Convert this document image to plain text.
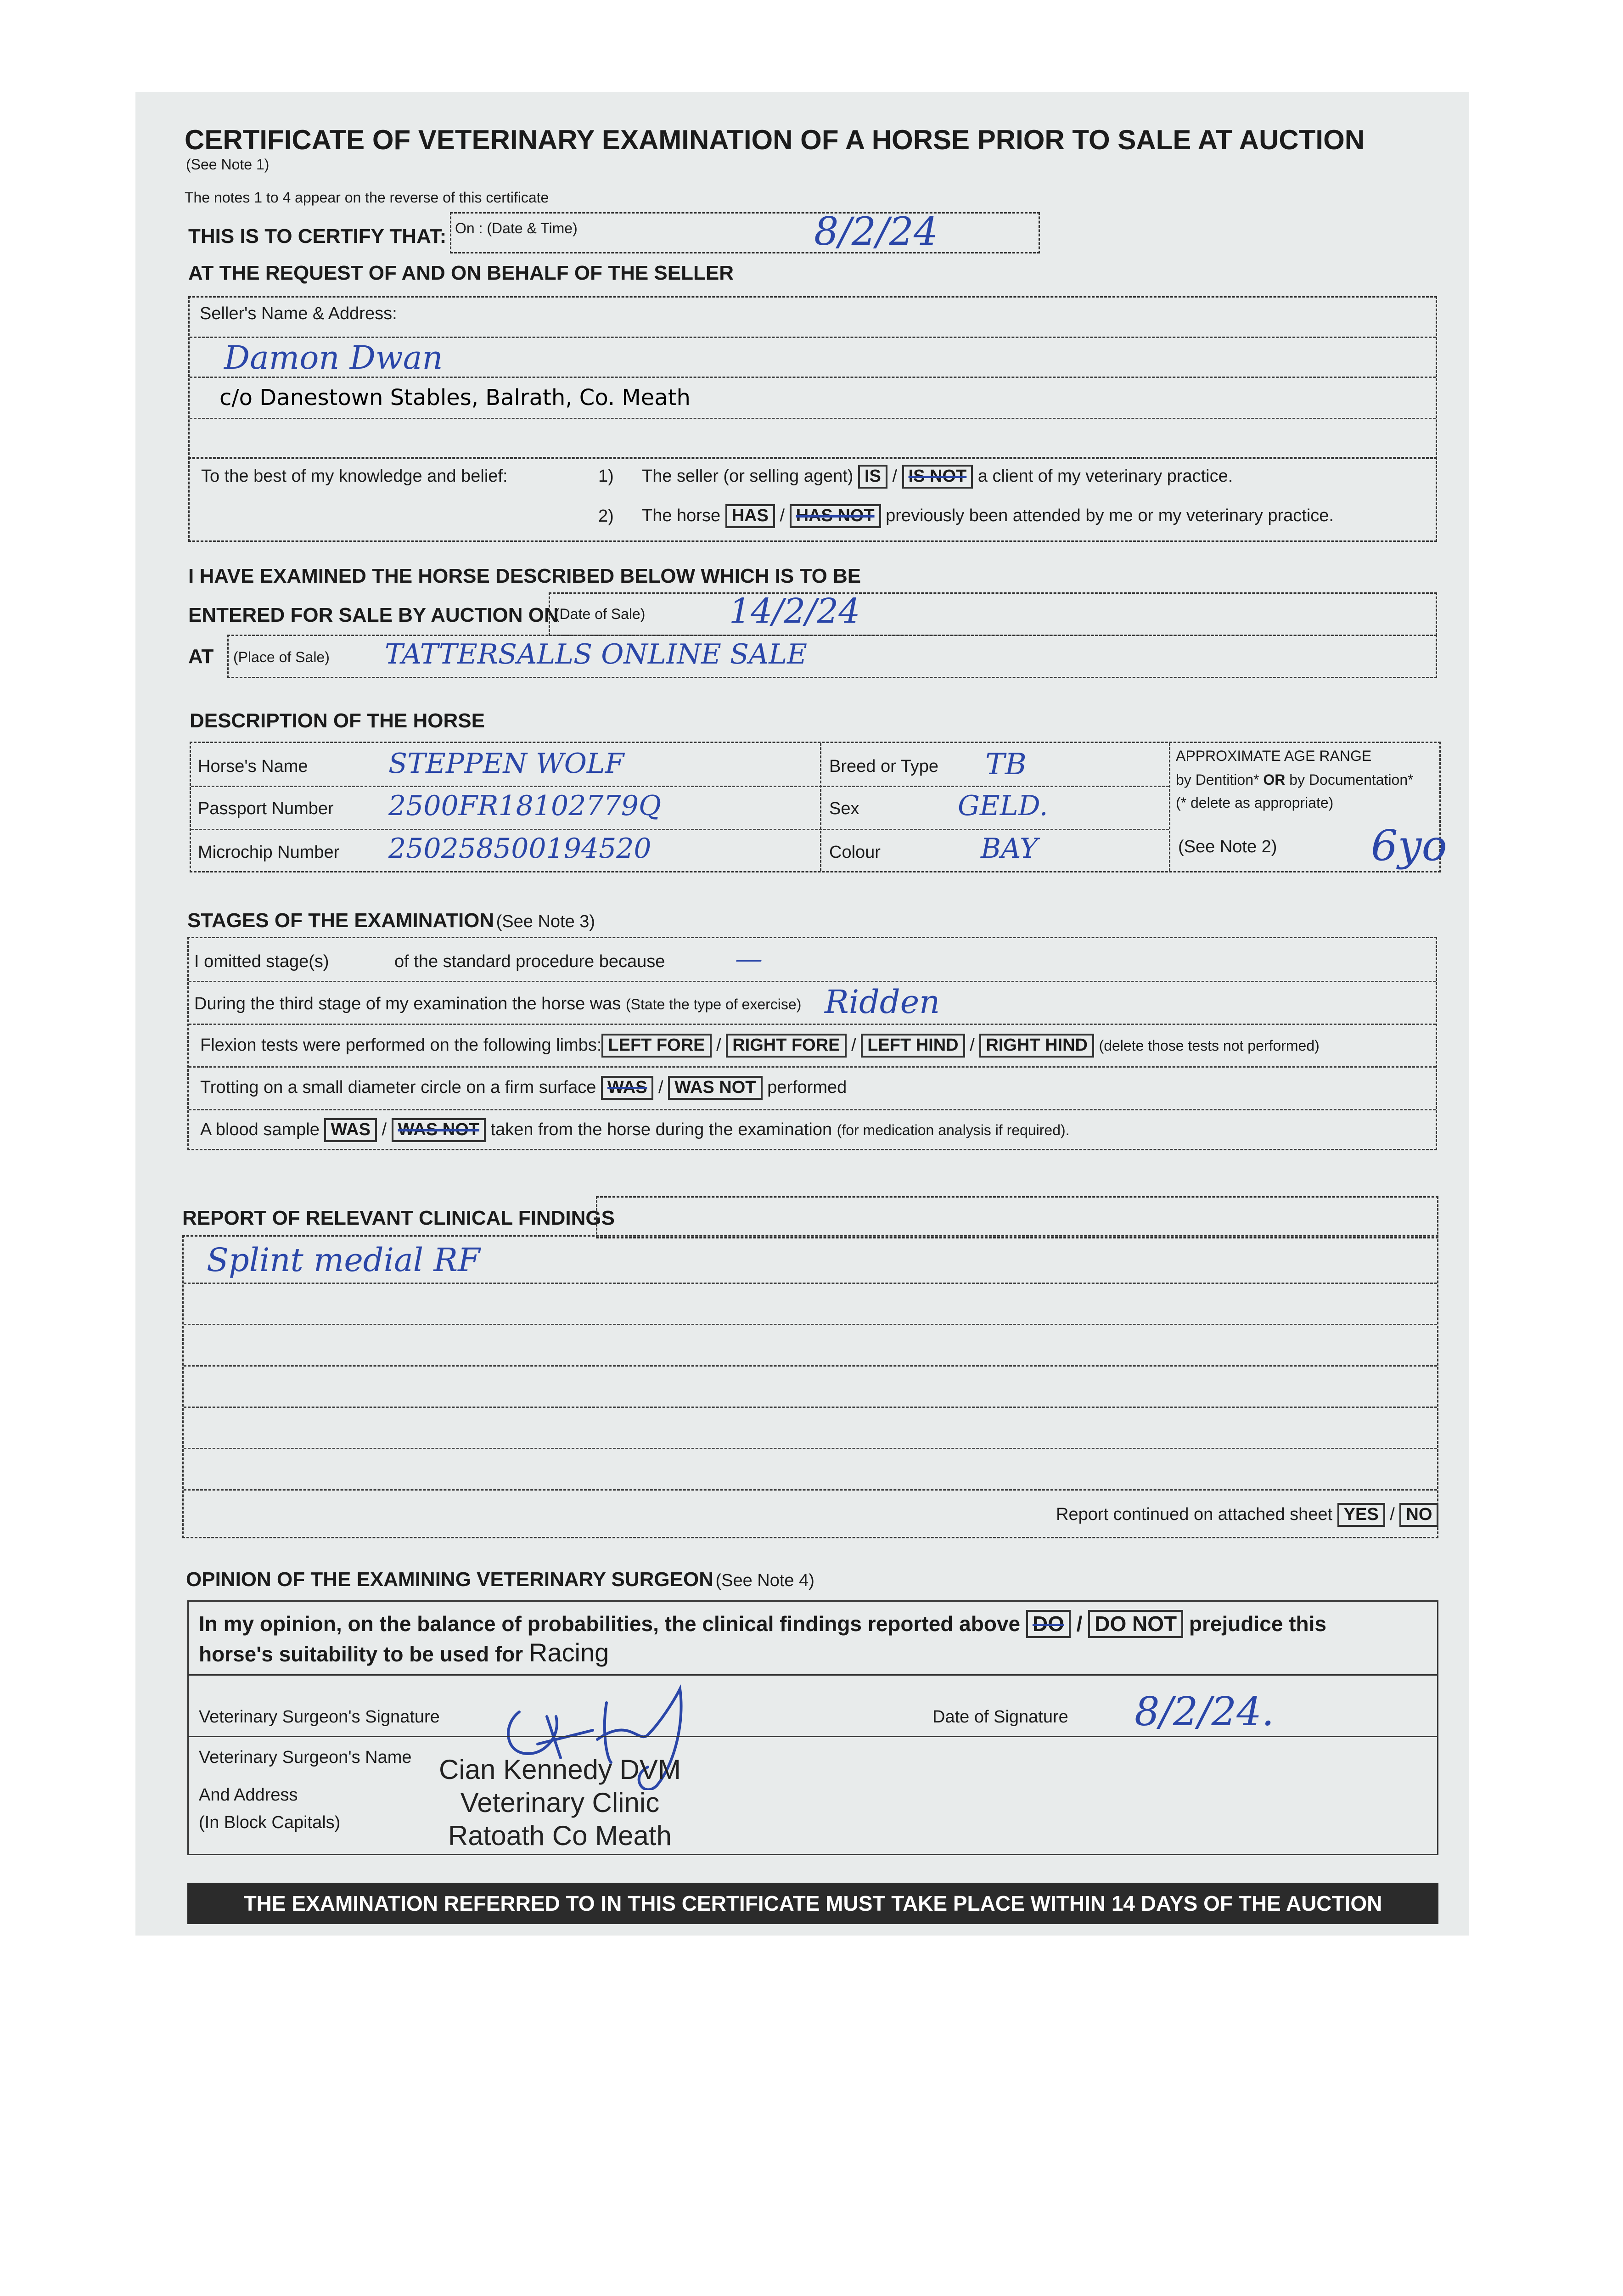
CERTIFICATE OF VETERINARY EXAMINATION OF A HORSE PRIOR TO SALE AT AUCTION
(See Note 1)
The notes 1 to 4 appear on the reverse of this certificate
THIS IS TO CERTIFY THAT: On : (Date & Time)	8/2/24
AT THE REQUEST OF AND ON BEHALF OF THE SELLER
Seller's Name & Address:
Damon Dwan
c/o Danestown Stables, Balrath, Co. Meath
To the best of my knowledge and belief:	1) The seller (or selling agent) IS / IS NOT a client of my veterinary practice.
2) The horse HAS / HAS NOT previously been attended by me or my veterinary practice.
I HAVE EXAMINED THE HORSE DESCRIBED BELOW WHICH IS TO BE
ENTERED FOR SALE BY AUCTION ON
(Date of Sale) 14/2/24
AT (Place of Sale) TATTERSALLS ONLINE SALE
DESCRIPTION OF THE HORSE
Horse's Name	STEPPEN WOLF
Passport Number 2500FR18102779Q
Microchip Number 250258500194520
Breed or Type TB
Sex	GELD.
Colour	BAY
APPROXIMATE AGE RANGE
by Dentition* OR by Documentation*
(* delete as appropriate)
(See Note 2) 6yo
STAGES OF THE EXAMINATION (See Note 3)
I omitted stage(s)	of the standard procedure because	—
During the third stage of my examination the horse was (State the type of exercise) Ridden
Flexion tests were performed on the following limbs: LEFT FORE / RIGHT FORE / LEFT HIND / RIGHT HIND (delete those tests not performed)
Trotting on a small diameter circle on a firm surface WAS / WAS NOT performed
A blood sample WAS / WAS NOT taken from the horse during the examination (for medication analysis if required).
REPORT OF RELEVANT CLINICAL FINDINGS
Splint medial RF
Report continued on attached sheet YES / NO
OPINION OF THE EXAMINING VETERINARY SURGEON (See Note 4)
In my opinion, on the balance of probabilities, the clinical findings reported above DO / DO NOT prejudice this
horse's suitability to be used for Racing
Veterinary Surgeon's Signature	Date of Signature 8/2/24.
Veterinary Surgeon's Name
And Address
(In Block Capitals)
Cian Kennedy DVM
Veterinary Clinic
Ratoath Co Meath
THE EXAMINATION REFERRED TO IN THIS CERTIFICATE MUST TAKE PLACE WITHIN 14 DAYS OF THE AUCTION
